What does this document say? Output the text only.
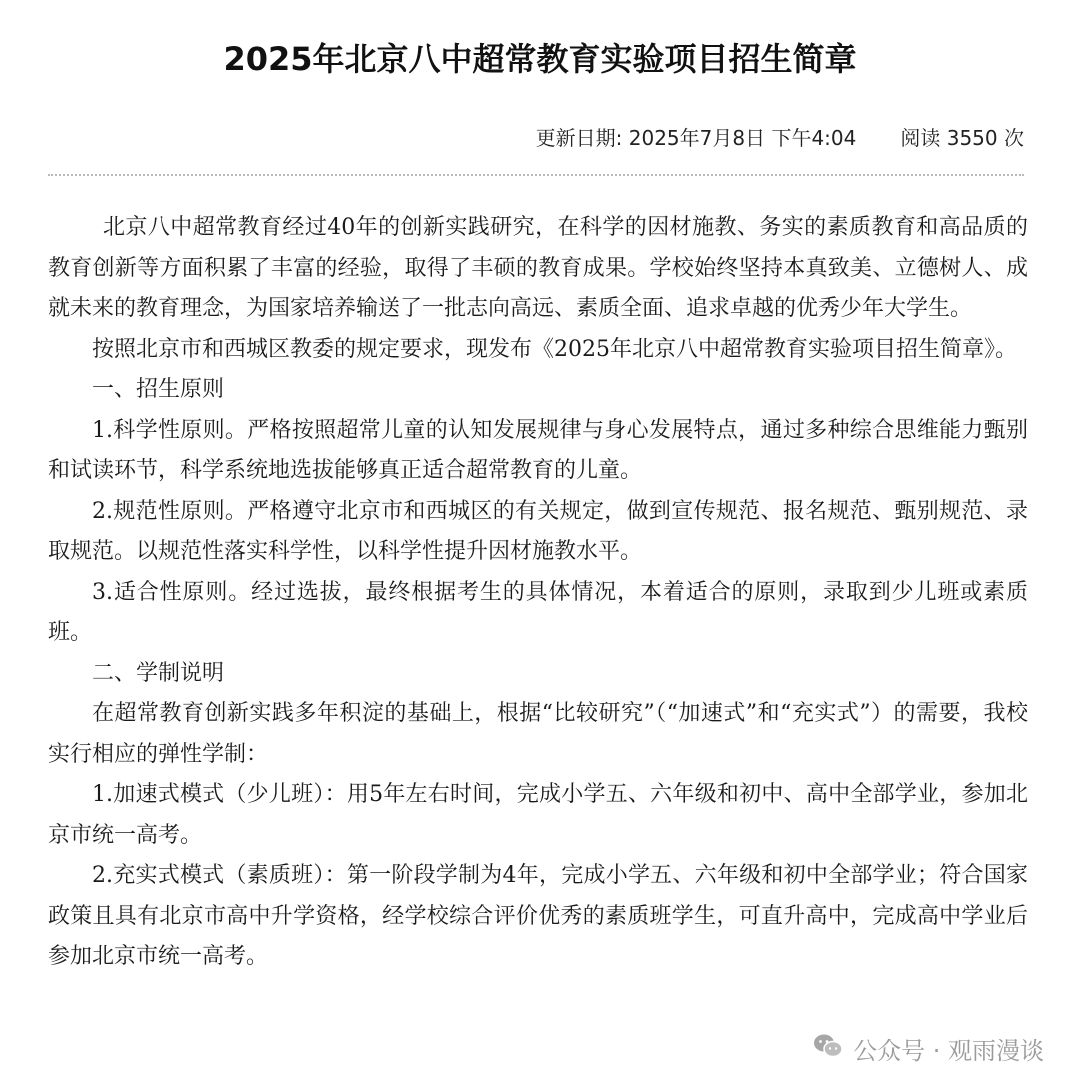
2025年北京八中超常教育实验项目招生简章
更新日期: 2025年7月8日 下午4:04 阅读 3550 次

北京八中超常教育经过40年的创新实践研究，在科学的因材施教、务实的素质教育和高品质的教育创新等方面积累了丰富的经验，取得了丰硕的教育成果。学校始终坚持本真致美、立德树人、成就未来的教育理念，为国家培养输送了一批志向高远、素质全面、追求卓越的优秀少年大学生。

按照北京市和西城区教委的规定要求，现发布《2025年北京八中超常教育实验项目招生简章》。

一、招生原则

1.科学性原则。严格按照超常儿童的认知发展规律与身心发展特点，通过多种综合思维能力甄别和试读环节，科学系统地选拔能够真正适合超常教育的儿童。

2.规范性原则。严格遵守北京市和西城区的有关规定，做到宣传规范、报名规范、甄别规范、录取规范。以规范性落实科学性，以科学性提升因材施教水平。

3.适合性原则。经过选拔，最终根据考生的具体情况，本着适合的原则，录取到少儿班或素质班。

二、学制说明

在超常教育创新实践多年积淀的基础上，根据“比较研究”（“加速式”和“充实式”）的需要，我校实行相应的弹性学制：

1.加速式模式（少儿班）：用5年左右时间，完成小学五、六年级和初中、高中全部学业，参加北京市统一高考。

2.充实式模式（素质班）：第一阶段学制为4年，完成小学五、六年级和初中全部学业；符合国家政策且具有北京市高中升学资格，经学校综合评价优秀的素质班学生，可直升高中，完成高中学业后参加北京市统一高考。

公众号 · 观雨漫谈
